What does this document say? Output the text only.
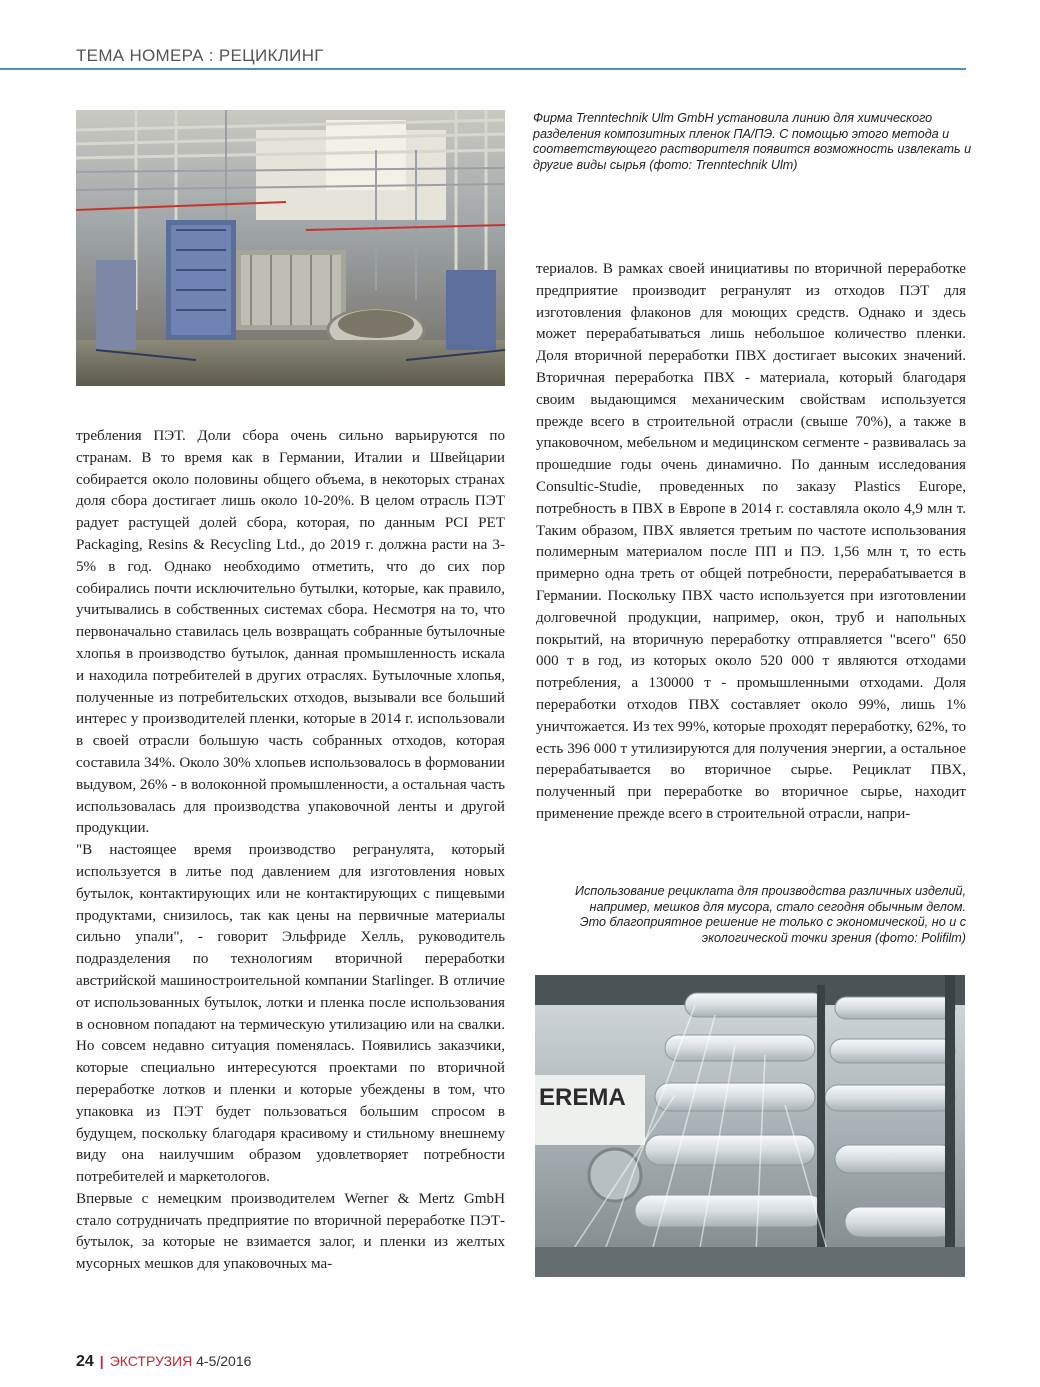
ТЕМА НОМЕРА : РЕЦИКЛИНГ
Фирма Trenntechnik Ulm GmbH установила линию для химического разделения композитных пленок ПА/ПЭ. С помощью этого метода и соответствующего растворителя появится возможность извлекать и другие виды сырья (фото: Trenntechnik Ulm)

териалов. В рамках своей инициативы по вторичной переработке предприятие производит регранулят из отходов ПЭТ для изготовления флаконов для моющих средств. Однако и здесь может перерабатываться лишь небольшое количество пленки. Доля вторичной переработки ПВХ достигает высоких значений. Вторичная переработка ПВХ - материала, который благодаря своим выдающимся механическим свойствам используется прежде всего в строительной отрасли (свыше 70%), а также в упаковочном, мебельном и медицинском сегменте - развивалась за прошедшие годы очень динамично. По данным исследования Consultic-Studie, проведенных по заказу Plastics Europe, потребность в ПВХ в Европе в 2014 г. составляла около 4,9 млн т. Таким образом, ПВХ является третьим по частоте использования полимерным материалом после ПП и ПЭ. 1,56 млн т, то есть примерно одна треть от общей потребности, перерабатывается в Германии. Поскольку ПВХ часто используется при изготовлении долговечной продукции, например, окон, труб и напольных покрытий, на вторичную переработку отправляется "всего" 650 000 т в год, из которых около 520 000 т являются отходами потребления, а 130000 т - промышленными отходами. Доля переработки отходов ПВХ составляет около 99%, лишь 1% уничтожается. Из тех 99%, которые проходят переработку, 62%, то есть 396 000 т утилизируются для получения энергии, а остальное перерабатывается во вторичное сырье. Рециклат ПВХ, полученный при переработке во вторичное сырье, находит применение прежде всего в строительной отрасли, напри-

требления ПЭТ. Доли сбора очень сильно варьируются по странам. В то время как в Германии, Италии и Швейцарии собирается около половины общего объема, в некоторых странах доля сбора достигает лишь около 10-20%. В целом отрасль ПЭТ радует растущей долей сбора, которая, по данным PCI PET Packaging, Resins & Recycling Ltd., до 2019 г. должна расти на 3-5% в год. Однако необходимо отметить, что до сих пор собирались почти исключительно бутылки, которые, как правило, учитывались в собственных системах сбора. Несмотря на то, что первоначально ставилась цель возвращать собранные бутылочные хлопья в производство бутылок, данная промышленность искала и находила потребителей в других отраслях. Бутылочные хлопья, полученные из потребительских отходов, вызывали все больший интерес у производителей пленки, которые в 2014 г. использовали в своей отрасли большую часть собранных отходов, которая составила 34%. Около 30% хлопьев использовалось в формовании выдувом, 26% - в волоконной промышленности, а остальная часть использовалась для производства упаковочной ленты и другой продукции.

"В настоящее время производство регранулята, который используется в литье под давлением для изготовления новых бутылок, контактирующих или не контактирующих с пищевыми продуктами, снизилось, так как цены на первичные материалы сильно упали", - говорит Эльфриде Хелль, руководитель подразделения по технологиям вторичной переработки австрийской машиностроительной компании Starlinger. В отличие от использованных бутылок, лотки и пленка после использования в основном попадают на термическую утилизацию или на свалки. Но совсем недавно ситуация поменялась. Появились заказчики, которые специально интересуются проектами по вторичной переработке лотков и пленки и которые убеждены в том, что упаковка из ПЭТ будет пользоваться большим спросом в будущем, поскольку благодаря красивому и стильному внешнему виду она наилучшим образом удовлетворяет потребности потребителей и маркетологов.

Впервые с немецким производителем Werner & Mertz GmbH стало сотрудничать предприятие по вторичной переработке ПЭТ-бутылок, за которые не взимается залог, и пленки из желтых мусорных мешков для упаковочных ма-

Использование рециклата для производства различных изделий, например, мешков для мусора, стало сегодня обычным делом. Это благоприятное решение не только с экономической, но и с экологической точки зрения (фото: Polifilm)
EREMA
24 | ЭКСТРУЗИЯ 4-5/2016
